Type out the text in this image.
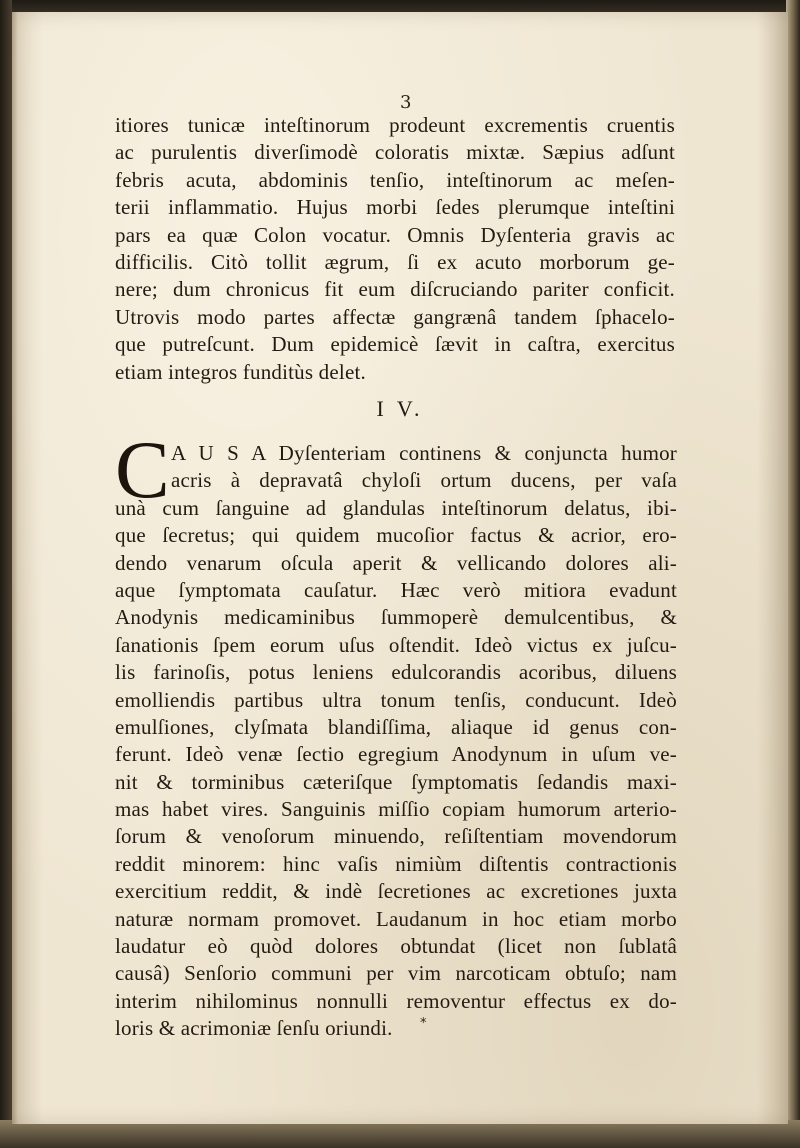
3
itiores tunicæ inteſtinorum prodeunt excrementis cruentis
ac purulentis diverſimodè coloratis mixtæ. Sæpius adſunt
febris acuta, abdominis tenſio, inteſtinorum ac meſen-
terii inflammatio. Hujus morbi ſedes plerumque inteſtini
pars ea quæ Colon vocatur. Omnis Dyſenteria gravis ac
difficilis. Citò tollit ægrum, ſi ex acuto morborum ge-
nere; dum chronicus fit eum diſcruciando pariter conficit.
Utrovis modo partes affectæ gangrænâ tandem ſphacelo-
que putreſcunt. Dum epidemicè ſævit in caſtra, exercitus
etiam integros funditùs delet.
I V.
C A U S A Dyſenteriam continens & conjuncta humor
acris à depravatâ chyloſi ortum ducens, per vaſa
unà cum ſanguine ad glandulas inteſtinorum delatus, ibi-
que ſecretus; qui quidem mucoſior factus & acrior, ero-
dendo venarum oſcula aperit & vellicando dolores ali-
aque ſymptomata cauſatur. Hæc verò mitiora evadunt
Anodynis medicaminibus ſummoperè demulcentibus, &
ſanationis ſpem eorum uſus oſtendit. Ideò victus ex juſcu-
lis farinoſis, potus leniens edulcorandis acoribus, diluens
emolliendis partibus ultra tonum tenſis, conducunt. Ideò
emulſiones, clyſmata blandiſſima, aliaque id genus con-
ferunt. Ideò venæ ſectio egregium Anodynum in uſum ve-
nit & torminibus cæteriſque ſymptomatis ſedandis maxi-
mas habet vires. Sanguinis miſſio copiam humorum arterio-
ſorum & venoſorum minuendo, reſiſtentiam movendorum
reddit minorem: hinc vaſis nimiùm diſtentis contractionis
exercitium reddit, & indè ſecretiones ac excretiones juxta
naturæ normam promovet. Laudanum in hoc etiam morbo
laudatur eò quòd dolores obtundat (licet non ſublatâ
causâ) Senſorio communi per vim narcoticam obtuſo; nam
interim nihilominus nonnulli removentur effectus ex do-
loris & acrimoniæ ſenſu oriundi.	*
